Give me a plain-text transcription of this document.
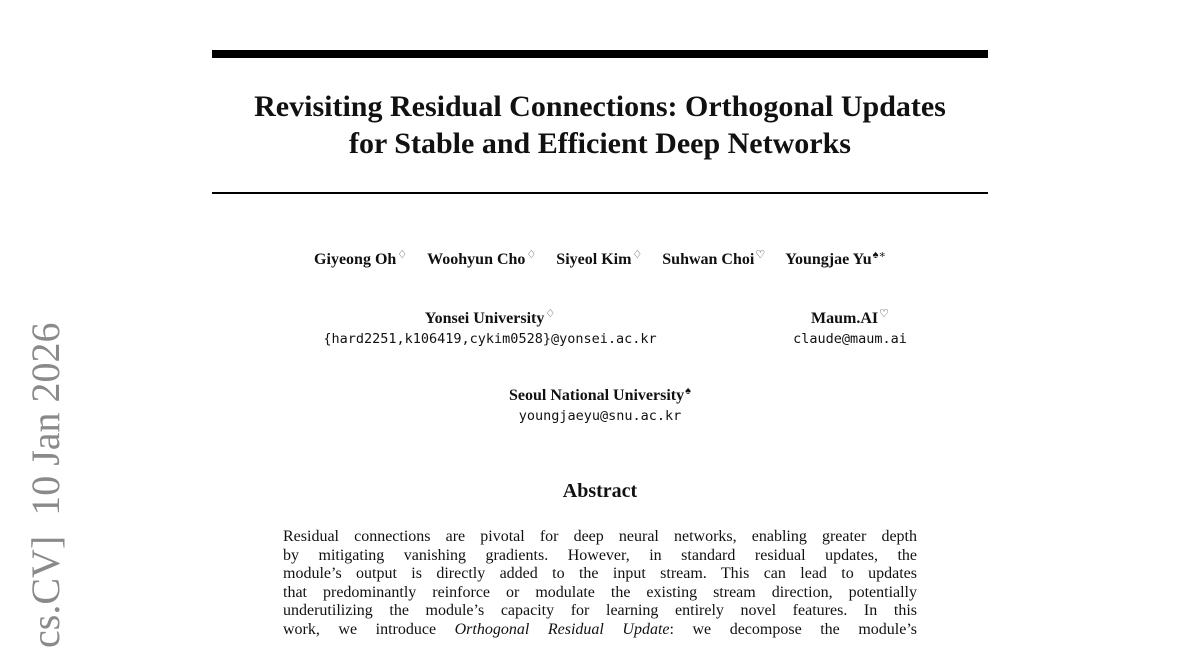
Revisiting Residual Connections: Orthogonal Updates
for Stable and Efficient Deep Networks
Giyeong Oh♢ Woohyun Cho♢ Siyeol Kim♢ Suhwan Choi♡ Youngjae Yu♠∗
Yonsei University♢
{hard2251,k106419,cykim0528}@yonsei.ac.kr
Maum.AI♡
claude@maum.ai
Seoul National University♠
youngjaeyu@snu.ac.kr
Abstract
Residual connections are pivotal for deep neural networks, enabling greater depth
by mitigating vanishing gradients. However, in standard residual updates, the
module’s output is directly added to the input stream. This can lead to updates
that predominantly reinforce or modulate the existing stream direction, potentially
underutilizing the module’s capacity for learning entirely novel features. In this
work, we introduce Orthogonal Residual Update: we decompose the module’s
cs.CV]  10 Jan 2026
